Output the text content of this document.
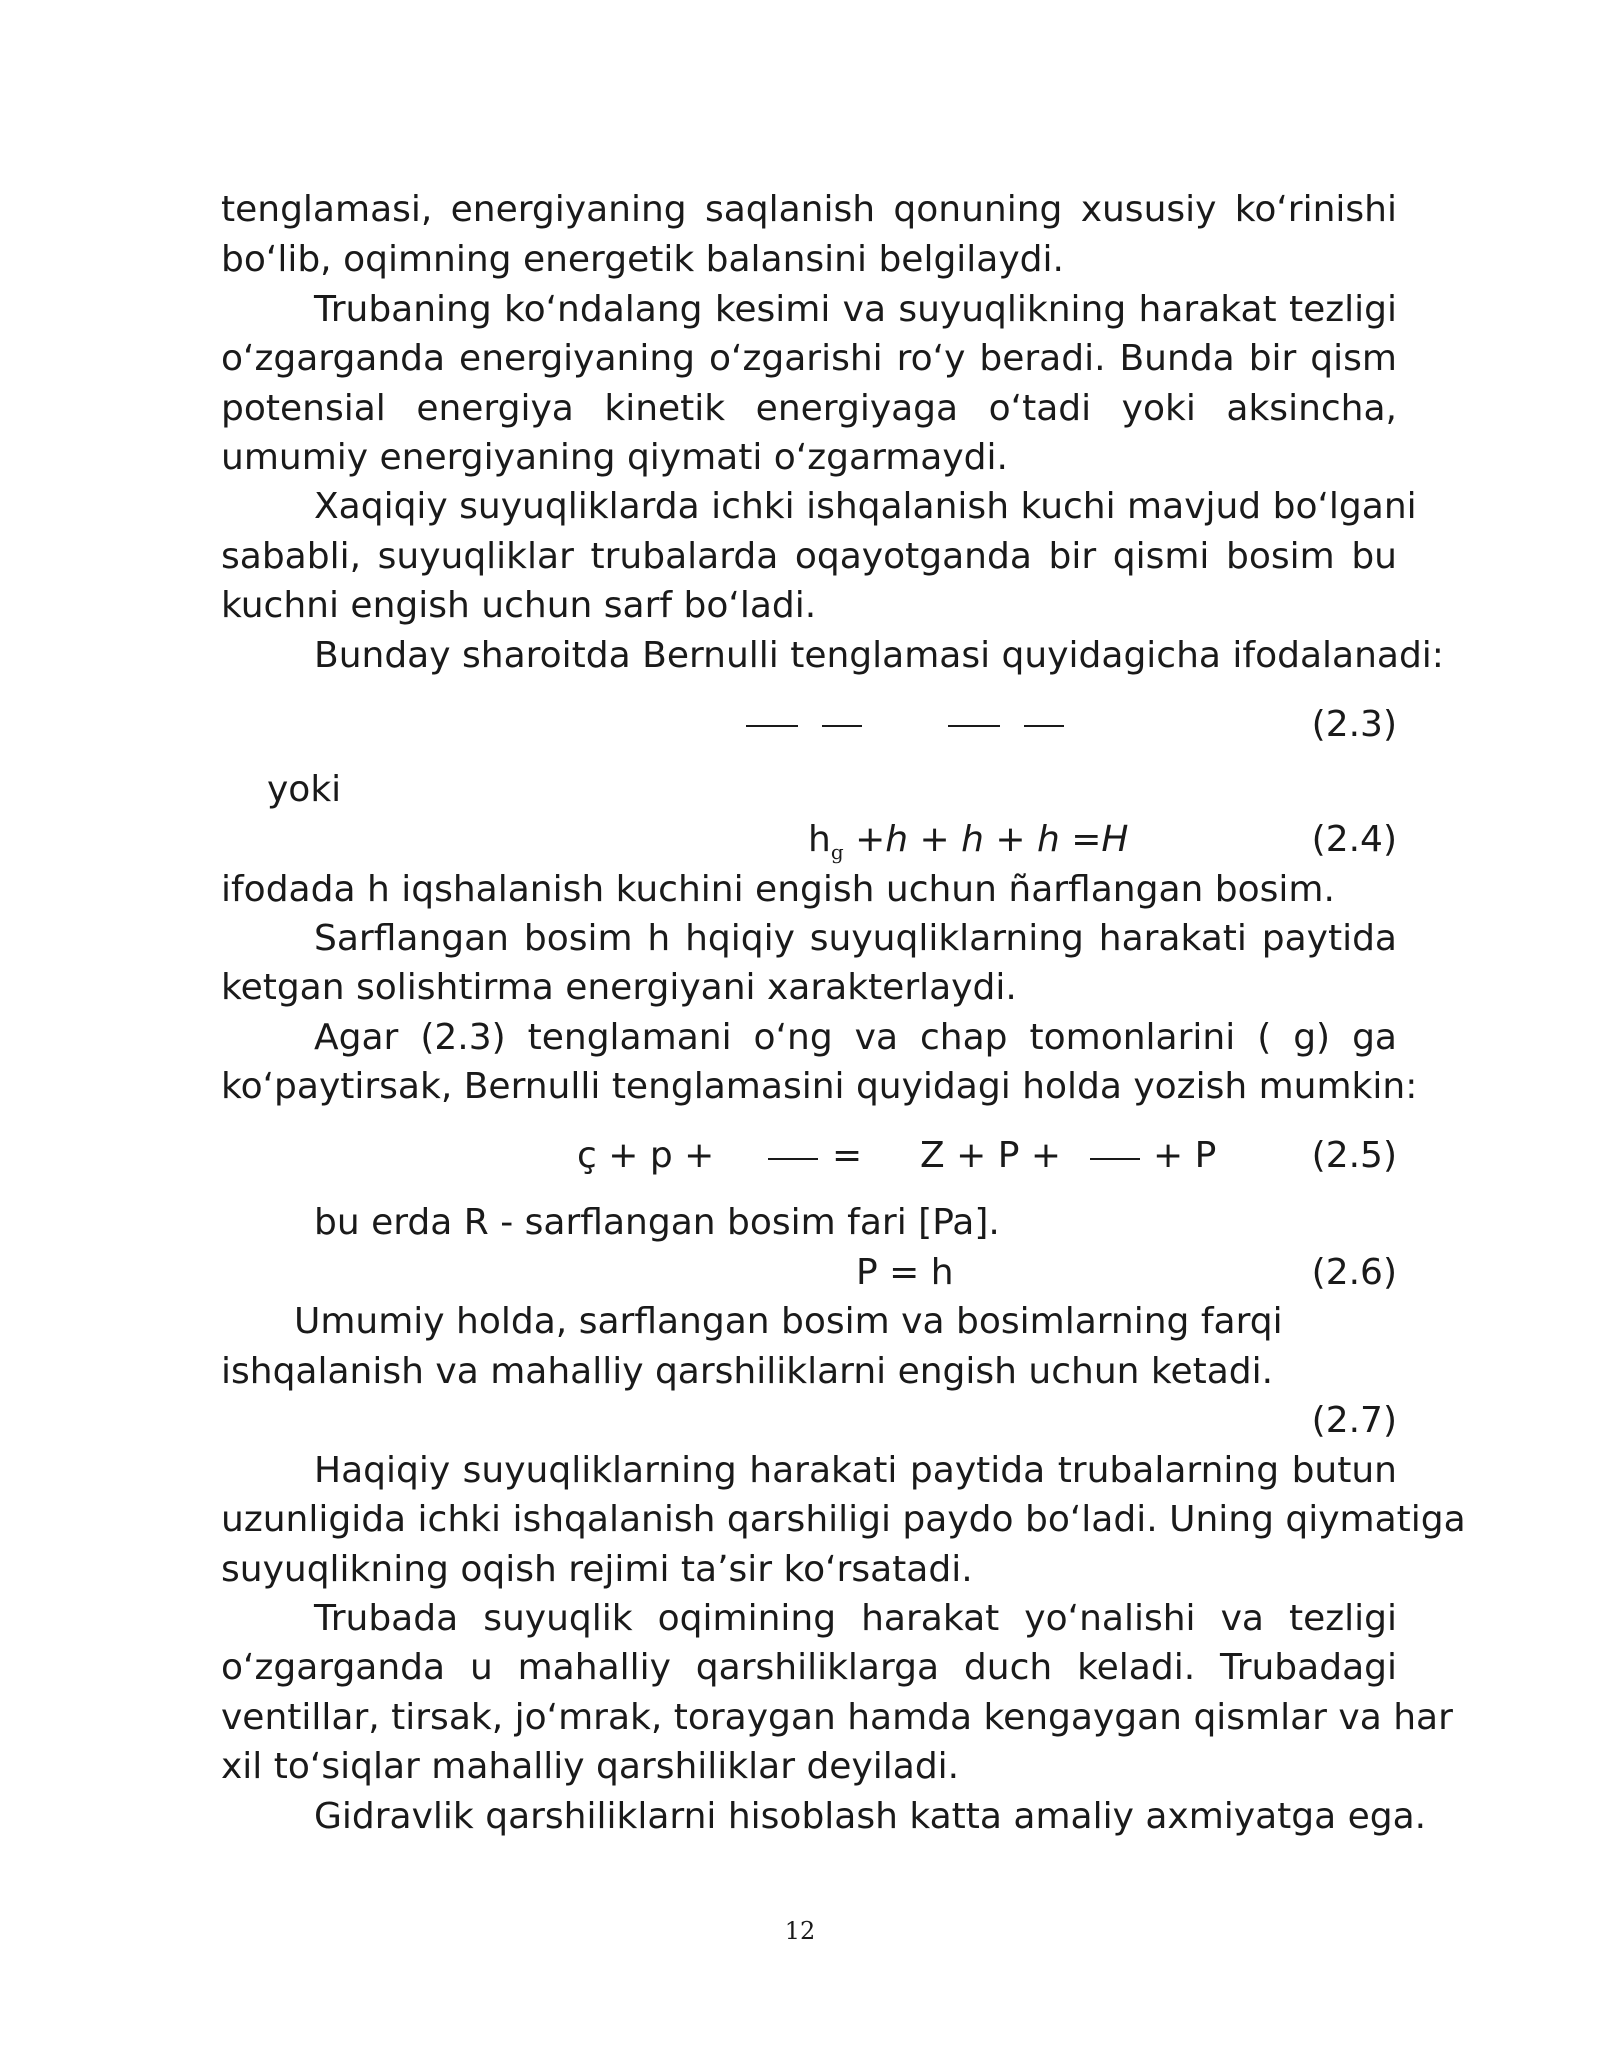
tenglamasi, energiyaning saqlanish qonuning xususiy ko‘rinishi
bo‘lib, oqimning energetik balansini belgilaydi.
Trubaning ko‘ndalang kesimi va suyuqlikning harakat tezligi
o‘zgarganda energiyaning o‘zgarishi ro‘y beradi. Bunda bir qism
potensial energiya kinetik energiyaga o‘tadi yoki aksincha,
umumiy energiyaning qiymati o‘zgarmaydi.
Xaqiqiy suyuqliklarda ichki ishqalanish kuchi mavjud bo‘lgani
sababli, suyuqliklar trubalarda oqayotganda bir qismi bosim bu
kuchni engish uchun sarf bo‘ladi.
Bunday sharoitda Bernulli tenglamasi quyidagicha ifodalanadi:
(2.3)
yoki
$h_g +h + h + h =H$	(2.4)
ifodada h iqshalanish kuchini engish uchun ñarflangan bosim.
Sarflangan bosim h hqiqiy suyuqliklarning harakati paytida
ketgan solishtirma energiyani xarakterlaydi.
Agar (2.3) tenglamani o‘ng va chap tomonlarini ( g) ga
ko‘paytirsak, Bernulli tenglamasini quyidagi holda yozish mumkin:
ç + p +	= Z + P +	+ P	(2.5)
bu erda R - sarflangan bosim fari [Pa].
P = h	(2.6)
Umumiy holda, sarflangan bosim va bosimlarning farqi
ishqalanish va mahalliy qarshiliklarni engish uchun ketadi.
(2.7)
Haqiqiy suyuqliklarning harakati paytida trubalarning butun
uzunligida ichki ishqalanish qarshiligi paydo bo‘ladi. Uning qiymatiga
suyuqlikning oqish rejimi ta’sir ko‘rsatadi.
Trubada suyuqlik oqimining harakat yo‘nalishi va tezligi
o‘zgarganda u mahalliy qarshiliklarga duch keladi. Trubadagi
ventillar, tirsak, jo‘mrak, toraygan hamda kengaygan qismlar va har
xil to‘siqlar mahalliy qarshiliklar deyiladi.
Gidravlik qarshiliklarni hisoblash katta amaliy axmiyatga ega.
12
